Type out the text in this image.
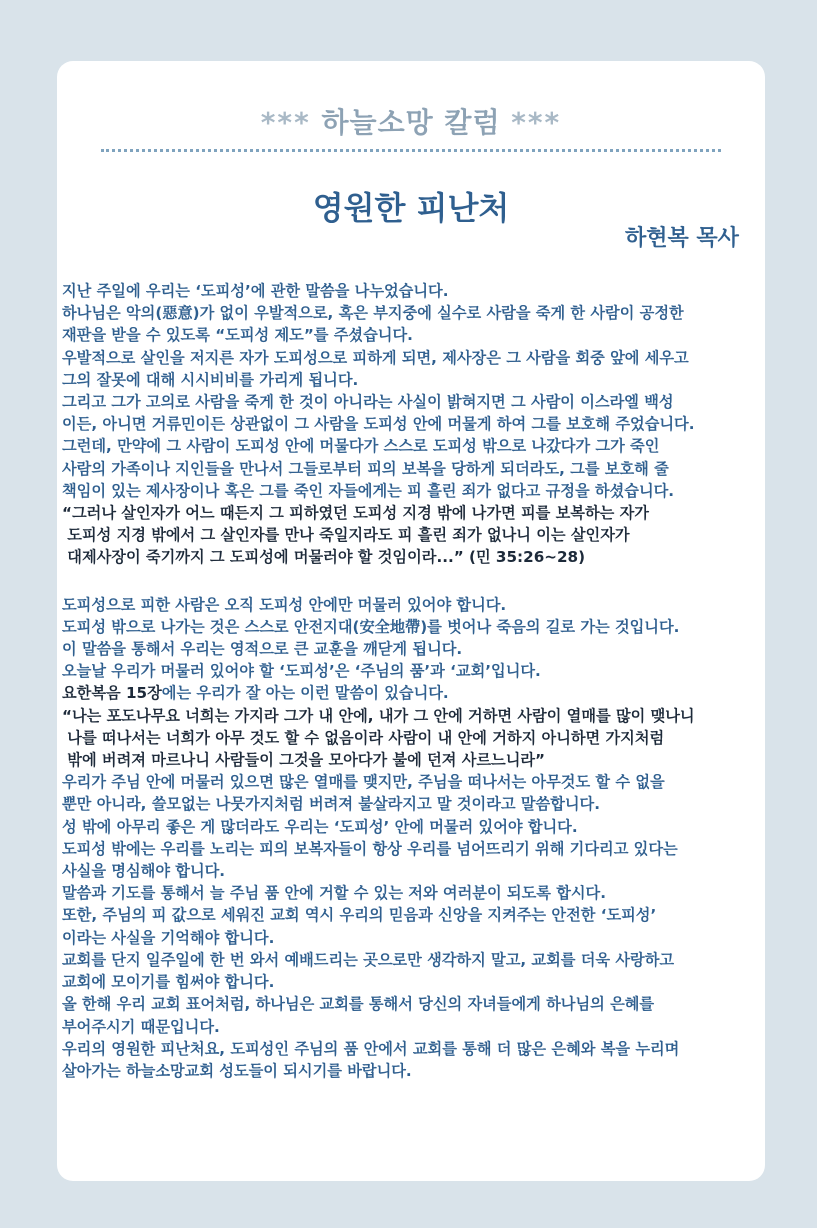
*** 하늘소망 칼럼 ***
영원한 피난처
하현복 목사
지난 주일에 우리는 ‘도피성’에 관한 말씀을 나누었습니다.
하나님은 악의(惡意)가 없이 우발적으로, 혹은 부지중에 실수로 사람을 죽게 한 사람이 공정한
재판을 받을 수 있도록 “도피성 제도”를 주셨습니다.
우발적으로 살인을 저지른 자가 도피성으로 피하게 되면, 제사장은 그 사람을 회중 앞에 세우고
그의 잘못에 대해 시시비비를 가리게 됩니다.
그리고 그가 고의로 사람을 죽게 한 것이 아니라는 사실이 밝혀지면 그 사람이 이스라엘 백성
이든, 아니면 거류민이든 상관없이 그 사람을 도피성 안에 머물게 하여 그를 보호해 주었습니다.
그런데, 만약에 그 사람이 도피성 안에 머물다가 스스로 도피성 밖으로 나갔다가 그가 죽인
사람의 가족이나 지인들을 만나서 그들로부터 피의 보복을 당하게 되더라도, 그를 보호해 줄
책임이 있는 제사장이나 혹은 그를 죽인 자들에게는 피 흘린 죄가 없다고 규정을 하셨습니다.
“그러나 살인자가 어느 때든지 그 피하였던 도피성 지경 밖에 나가면 피를 보복하는 자가
도피성 지경 밖에서 그 살인자를 만나 죽일지라도 피 흘린 죄가 없나니 이는 살인자가
대제사장이 죽기까지 그 도피성에 머물러야 할 것임이라...” (민 35:26~28)
도피성으로 피한 사람은 오직 도피성 안에만 머물러 있어야 합니다.
도피성 밖으로 나가는 것은 스스로 안전지대(安全地帶)를 벗어나 죽음의 길로 가는 것입니다.
이 말씀을 통해서 우리는 영적으로 큰 교훈을 깨닫게 됩니다.
오늘날 우리가 머물러 있어야 할 ‘도피성’은 ‘주님의 품’과 ‘교회’입니다.
요한복음 15장에는 우리가 잘 아는 이런 말씀이 있습니다.
“나는 포도나무요 너희는 가지라 그가 내 안에, 내가 그 안에 거하면 사람이 열매를 많이 맺나니
나를 떠나서는 너희가 아무 것도 할 수 없음이라 사람이 내 안에 거하지 아니하면 가지처럼
밖에 버려져 마르나니 사람들이 그것을 모아다가 불에 던져 사르느니라”
우리가 주님 안에 머물러 있으면 많은 열매를 맺지만, 주님을 떠나서는 아무것도 할 수 없을
뿐만 아니라, 쓸모없는 나뭇가지처럼 버려져 불살라지고 말 것이라고 말씀합니다.
성 밖에 아무리 좋은 게 많더라도 우리는 ‘도피성’ 안에 머물러 있어야 합니다.
도피성 밖에는 우리를 노리는 피의 보복자들이 항상 우리를 넘어뜨리기 위해 기다리고 있다는
사실을 명심해야 합니다.
말씀과 기도를 통해서 늘 주님 품 안에 거할 수 있는 저와 여러분이 되도록 합시다.
또한, 주님의 피 값으로 세워진 교회 역시 우리의 믿음과 신앙을 지켜주는 안전한 ‘도피성’
이라는 사실을 기억해야 합니다.
교회를 단지 일주일에 한 번 와서 예배드리는 곳으로만 생각하지 말고, 교회를 더욱 사랑하고
교회에 모이기를 힘써야 합니다.
올 한해 우리 교회 표어처럼, 하나님은 교회를 통해서 당신의 자녀들에게 하나님의 은혜를
부어주시기 때문입니다.
우리의 영원한 피난처요, 도피성인 주님의 품 안에서 교회를 통해 더 많은 은혜와 복을 누리며
살아가는 하늘소망교회 성도들이 되시기를 바랍니다.
